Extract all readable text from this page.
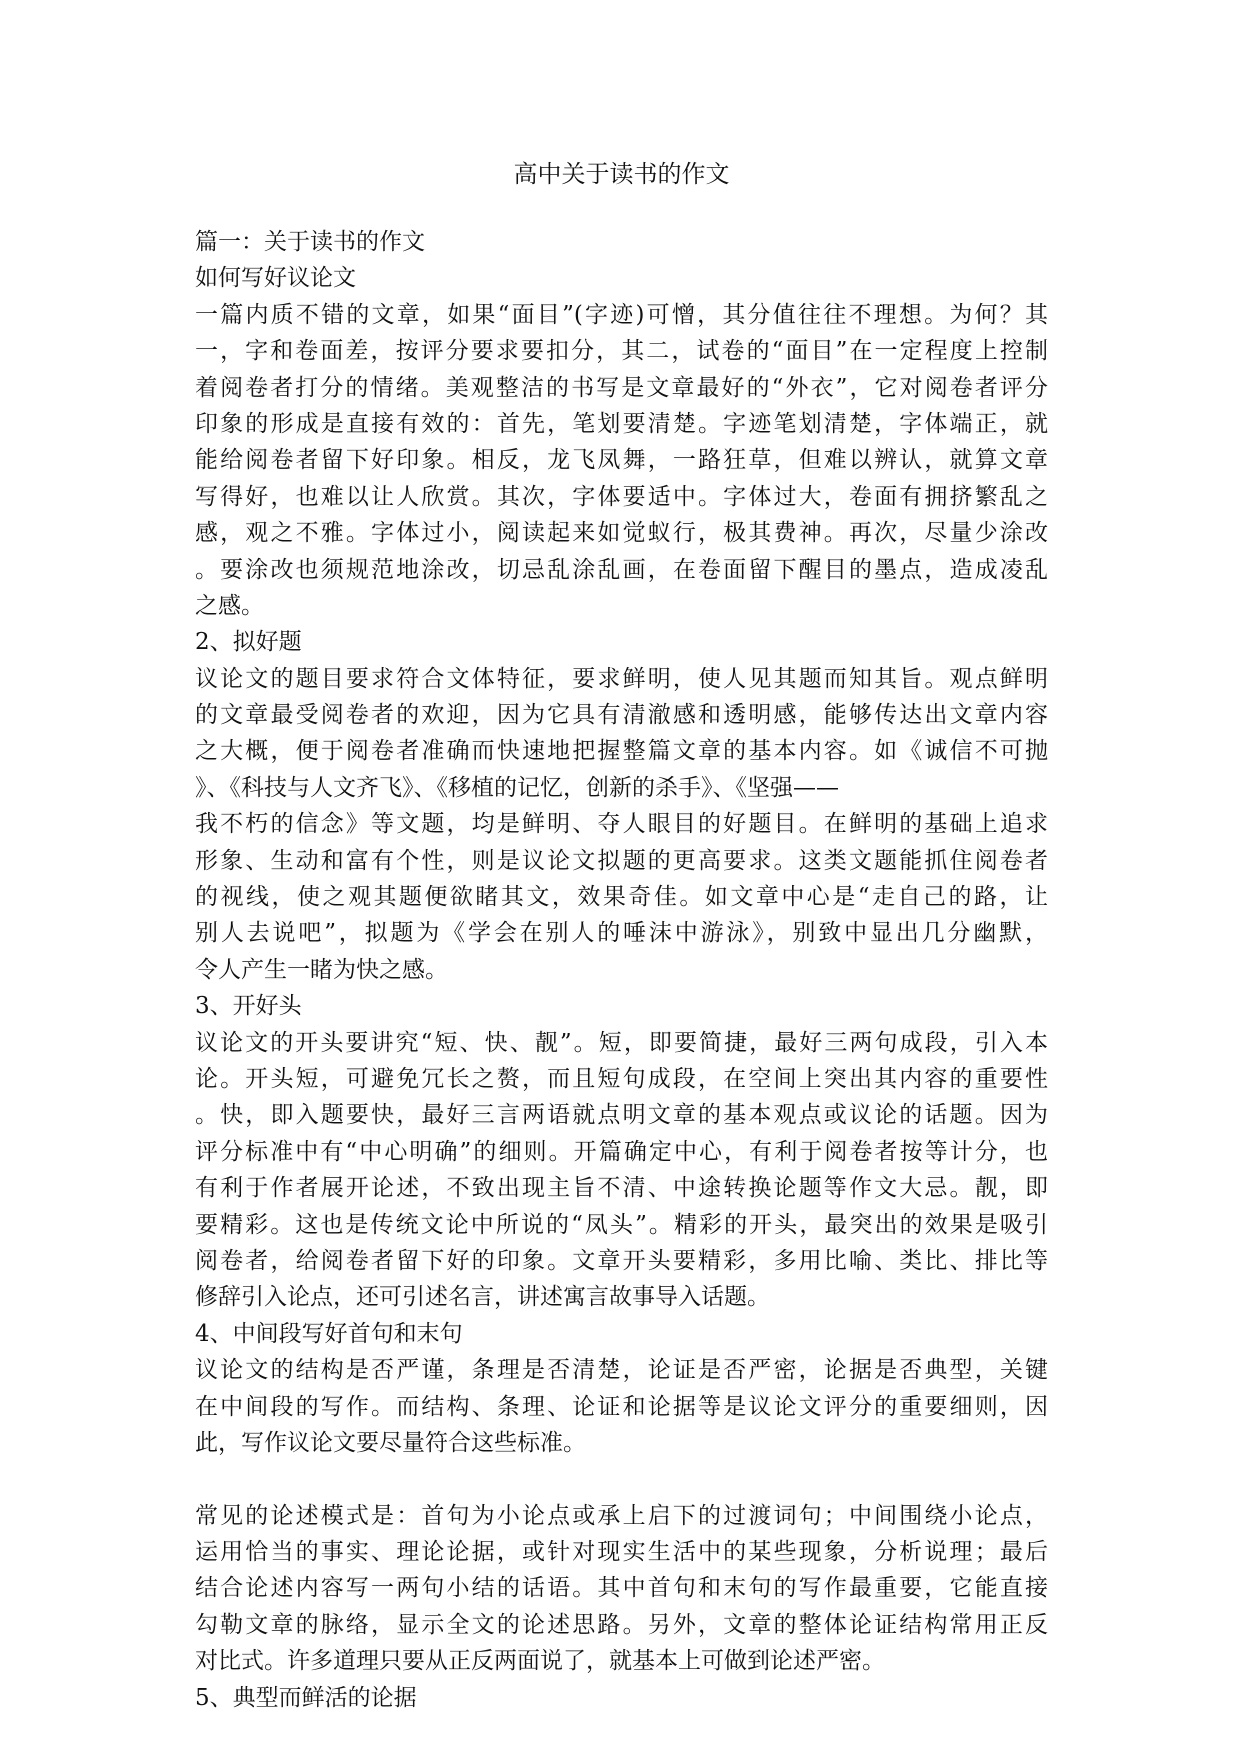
高中关于读书的作文
篇一：关于读书的作文
如何写好议论文
一篇内质不错的文章，如果“面目”(字迹)可憎，其分值往往不理想。为何？其
一，字和卷面差，按评分要求要扣分，其二，试卷的“面目”在一定程度上控制
着阅卷者打分的情绪。美观整洁的书写是文章最好的“外衣”，它对阅卷者评分
印象的形成是直接有效的：首先，笔划要清楚。字迹笔划清楚，字体端正，就
能给阅卷者留下好印象。相反，龙飞凤舞，一路狂草，但难以辨认，就算文章
写得好，也难以让人欣赏。其次，字体要适中。字体过大，卷面有拥挤繁乱之
感，观之不雅。字体过小，阅读起来如觉蚁行，极其费神。再次，尽量少涂改
。要涂改也须规范地涂改，切忌乱涂乱画，在卷面留下醒目的墨点，造成凌乱
之感。
2、拟好题
议论文的题目要求符合文体特征，要求鲜明，使人见其题而知其旨。观点鲜明
的文章最受阅卷者的欢迎，因为它具有清澈感和透明感，能够传达出文章内容
之大概，便于阅卷者准确而快速地把握整篇文章的基本内容。如《诚信不可抛
》、《科技与人文齐飞》、《移植的记忆，创新的杀手》、《坚强——
我不朽的信念》等文题，均是鲜明、夺人眼目的好题目。在鲜明的基础上追求
形象、生动和富有个性，则是议论文拟题的更高要求。这类文题能抓住阅卷者
的视线，使之观其题便欲睹其文，效果奇佳。如文章中心是“走自己的路，让
别人去说吧”，拟题为《学会在别人的唾沫中游泳》，别致中显出几分幽默，
令人产生一睹为快之感。
3、开好头
议论文的开头要讲究“短、快、靓”。短，即要简捷，最好三两句成段，引入本
论。开头短，可避免冗长之赘，而且短句成段，在空间上突出其内容的重要性
。快，即入题要快，最好三言两语就点明文章的基本观点或议论的话题。因为
评分标准中有“中心明确”的细则。开篇确定中心，有利于阅卷者按等计分，也
有利于作者展开论述，不致出现主旨不清、中途转换论题等作文大忌。靓，即
要精彩。这也是传统文论中所说的“凤头”。精彩的开头，最突出的效果是吸引
阅卷者，给阅卷者留下好的印象。文章开头要精彩，多用比喻、类比、排比等
修辞引入论点，还可引述名言，讲述寓言故事导入话题。
4、中间段写好首句和末句
议论文的结构是否严谨，条理是否清楚，论证是否严密，论据是否典型，关键
在中间段的写作。而结构、条理、论证和论据等是议论文评分的重要细则，因
此，写作议论文要尽量符合这些标准。
常见的论述模式是：首句为小论点或承上启下的过渡词句；中间围绕小论点，
运用恰当的事实、理论论据，或针对现实生活中的某些现象，分析说理；最后
结合论述内容写一两句小结的话语。其中首句和末句的写作最重要，它能直接
勾勒文章的脉络，显示全文的论述思路。另外，文章的整体论证结构常用正反
对比式。许多道理只要从正反两面说了，就基本上可做到论述严密。
5、典型而鲜活的论据
